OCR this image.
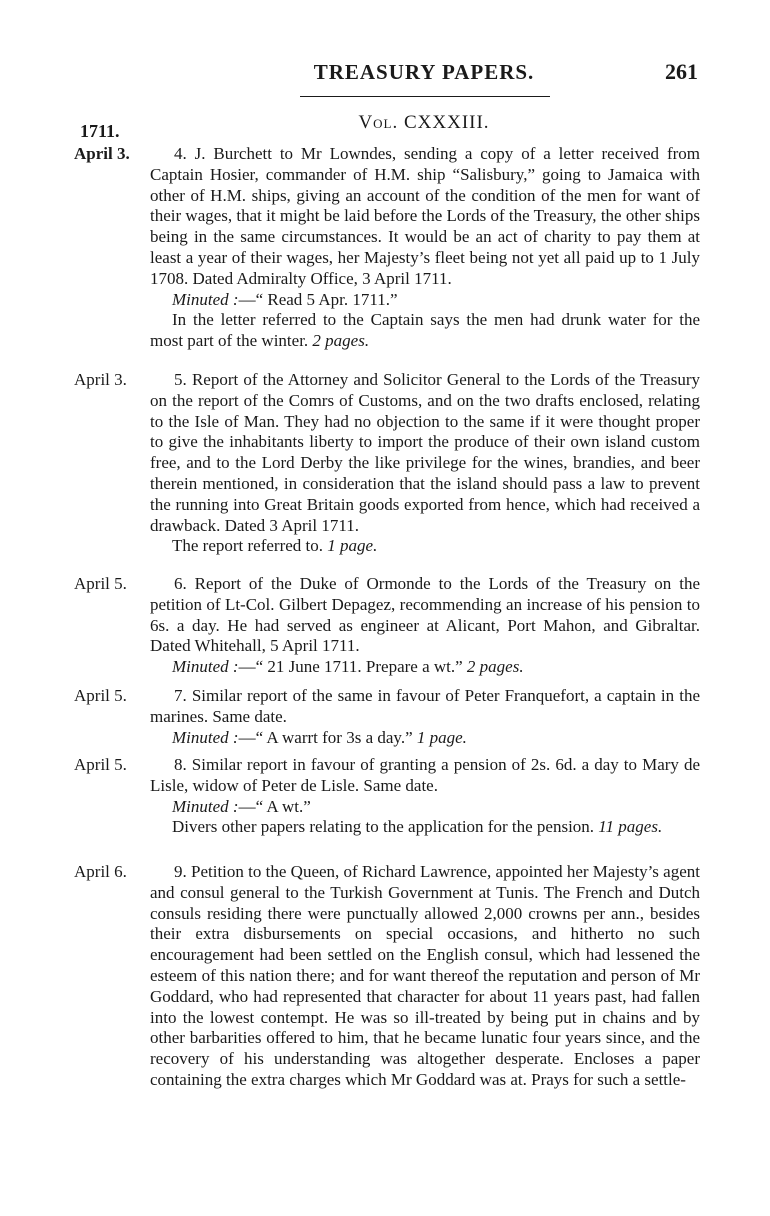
TREASURY PAPERS.	261
Vol. CXXXIII.
1711.
April 3.	4. J. Burchett to Mr Lowndes, sending a copy of a letter received from Captain Hosier, commander of H.M. ship “Salisbury,” going to Jamaica with other of H.M. ships, giving an account of the condition of the men for want of their wages, that it might be laid before the Lords of the Treasury, the other ships being in the same circumstances. It would be an act of charity to pay them at least a year of their wages, her Majesty’s fleet being not yet all paid up to 1 July 1708. Dated Admiralty Office, 3 April 1711.

Minuted :—“ Read 5 Apr. 1711.”

In the letter referred to the Captain says the men had drunk water for the most part of the winter. 2 pages.

April 3.	5. Report of the Attorney and Solicitor General to the Lords of the Treasury on the report of the Comrs of Customs, and on the two drafts enclosed, relating to the Isle of Man. They had no objection to the same if it were thought proper to give the inhabitants liberty to import the produce of their own island custom free, and to the Lord Derby the like privilege for the wines, brandies, and beer therein mentioned, in consideration that the island should pass a law to prevent the running into Great Britain goods exported from hence, which had received a drawback. Dated 3 April 1711.

The report referred to. 1 page.

April 5.	6. Report of the Duke of Ormonde to the Lords of the Treasury on the petition of Lt-Col. Gilbert Depagez, recommending an increase of his pension to 6s. a day. He had served as engineer at Alicant, Port Mahon, and Gibraltar. Dated Whitehall, 5 April 1711.

Minuted :—“ 21 June 1711. Prepare a wt.” 2 pages.

April 5.	7. Similar report of the same in favour of Peter Franquefort, a captain in the marines. Same date.

Minuted :—“ A warrt for 3s a day.” 1 page.

April 5.	8. Similar report in favour of granting a pension of 2s. 6d. a day to Mary de Lisle, widow of Peter de Lisle. Same date.

Minuted :—“ A wt.”

Divers other papers relating to the application for the pension. 11 pages.

April 6.	9. Petition to the Queen, of Richard Lawrence, appointed her Majesty’s agent and consul general to the Turkish Government at Tunis. The French and Dutch consuls residing there were punctually allowed 2,000 crowns per ann., besides their extra disbursements on special occasions, and hitherto no such encouragement had been settled on the English consul, which had lessened the esteem of this nation there; and for want thereof the reputation and person of Mr Goddard, who had represented that character for about 11 years past, had fallen into the lowest contempt. He was so ill-treated by being put in chains and by other barbarities offered to him, that he became lunatic four years since, and the recovery of his understanding was altogether desperate. Encloses a paper containing the extra charges which Mr Goddard was at. Prays for such a settle-
